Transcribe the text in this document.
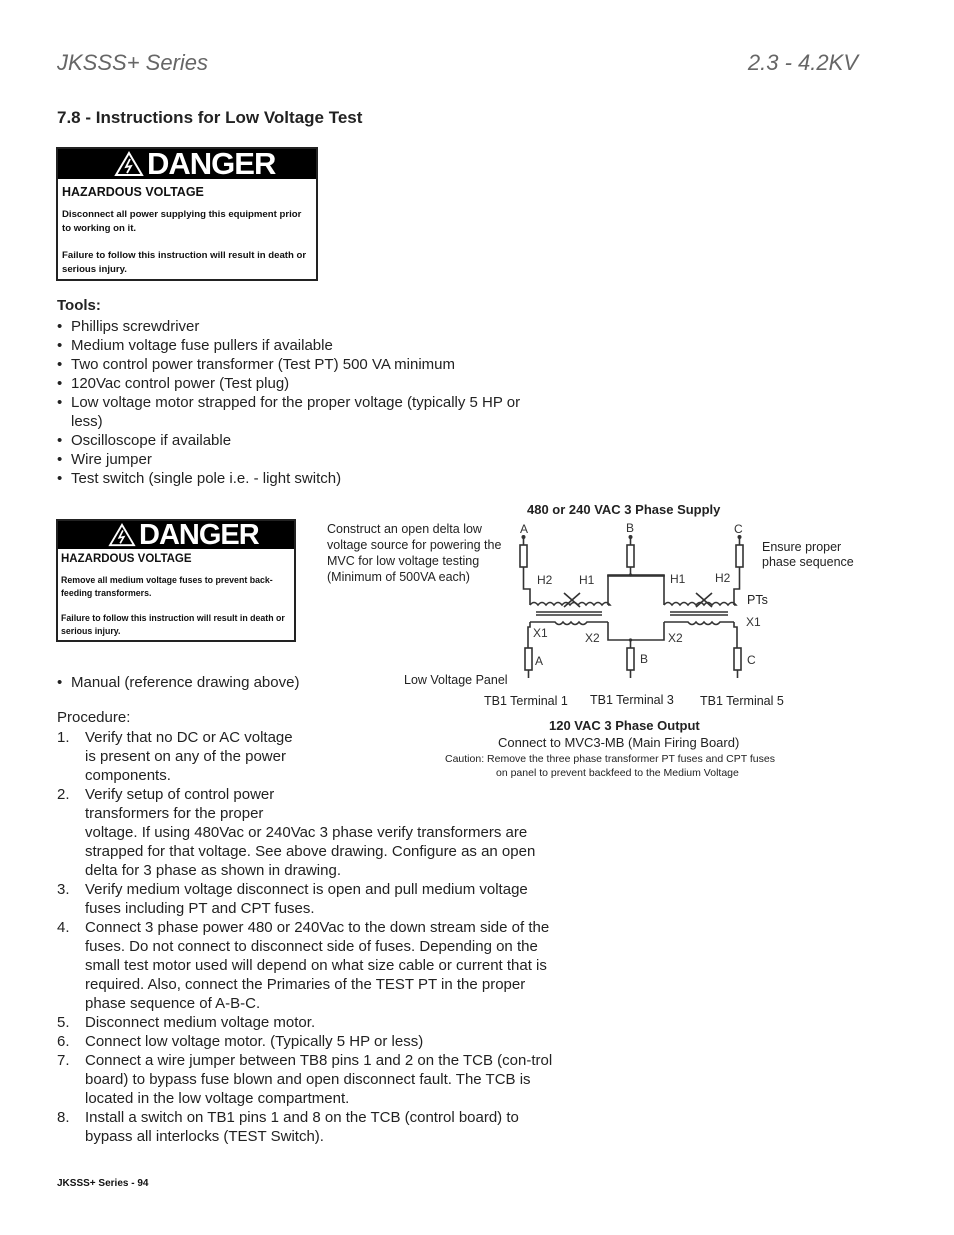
JKSSS+ Series	2.3 - 4.2KV
7.8 - Instructions for Low Voltage Test
DANGER
HAZARDOUS VOLTAGE

Disconnect all power supplying this equipment prior to working on it.

Failure to follow this instruction will result in death or serious injury.

Tools:
• Phillips screwdriver
• Medium voltage fuse pullers if available
• Two control power transformer (Test PT) 500 VA minimum
• 120Vac control power (Test plug)
• Low voltage motor strapped for the proper voltage (typically 5 HP or less)
• Oscilloscope if available
• Wire jumper
• Test switch (single pole i.e. - light switch)
DANGER
HAZARDOUS VOLTAGE

Remove all medium voltage fuses to prevent back-feeding transformers.

Failure to follow this instruction will result in death or serious injury.

480 or 240 VAC 3 Phase Supply
Construct an open delta low voltage source for powering the MVC for low voltage testing (Minimum of 500VA each)
Ensure proper phase sequence
PTs
Low Voltage Panel
TB1 Terminal 1 TB1 Terminal 3 TB1 Terminal 5
120 VAC 3 Phase Output
Connect to MVC3-MB (Main Firing Board)
Caution: Remove the three phase transformer PT fuses and CPT fuses
on panel to prevent backfeed to the Medium Voltage
A	B	C
H2 H1	H1 H2
X1	X2	X2
X1
A	B	C
• Manual (reference drawing above)
Procedure:
1. Verify that no DC or AC voltage is present on any of the power components.
2. Verify setup of control power transformers for the proper
voltage. If using 480Vac or 240Vac 3 phase verify transformers are strapped for that voltage. See above drawing. Configure as an open delta for 3 phase as shown in drawing.
3. Verify medium voltage disconnect is open and pull medium voltage fuses including PT and CPT fuses.
4. Connect 3 phase power 480 or 240Vac to the down stream side of the fuses. Do not connect to disconnect side of fuses. Depending on the small test motor used will depend on what size cable or current that is required. Also, connect the Primaries of the TEST PT in the proper phase sequence of A-B-C.
5. Disconnect medium voltage motor.
6. Connect low voltage motor. (Typically 5 HP or less)
7. Connect a wire jumper between TB8 pins 1 and 2 on the TCB (con-trol board) to bypass fuse blown and open disconnect fault. The TCB is located in the low voltage compartment.
8. Install a switch on TB1 pins 1 and 8 on the TCB (control board) to bypass all interlocks (TEST Switch).
JKSSS+ Series - 94
